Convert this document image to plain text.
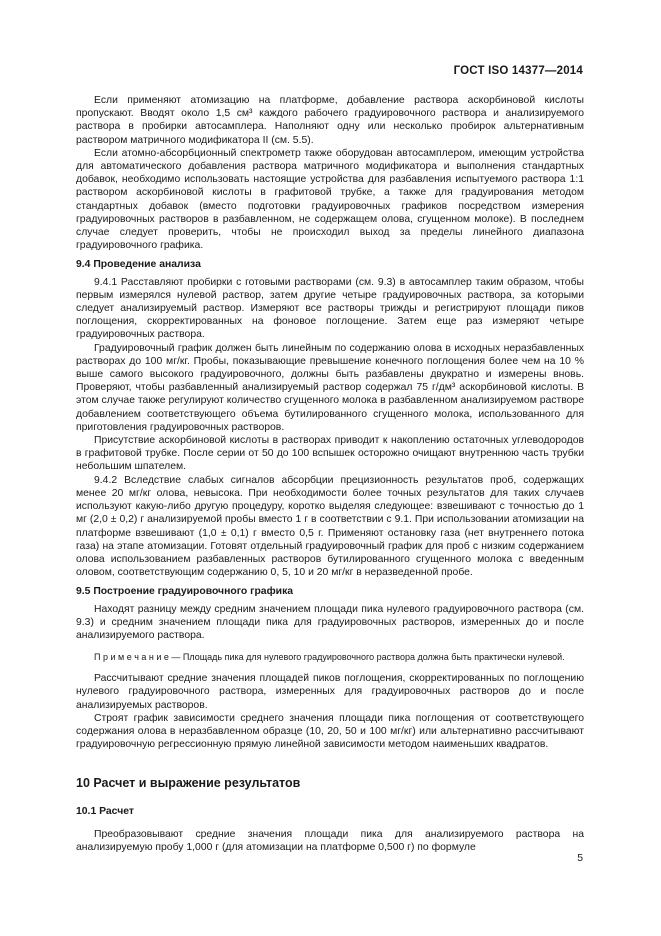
ГОСТ ISO 14377—2014

Если применяют атомизацию на платформе, добавление раствора аскорбиновой кислоты пропускают. Вводят около 1,5 см³ каждого рабочего градуировочного раствора и анализируемого раствора в пробирки автосамплера. Наполняют одну или несколько пробирок альтернативным раствором матричного модификатора II (см. 5.5).

Если атомно-абсорбционный спектрометр также оборудован автосамплером, имеющим устройства для автоматического добавления раствора матричного модификатора и выполнения стандартных добавок, необходимо использовать настоящие устройства для разбавления испытуемого раствора 1:1 раствором аскорбиновой кислоты в графитовой трубке, а также для градуирования методом стандартных добавок (вместо подготовки градуировочных графиков посредством измерения градуировочных растворов в разбавленном, не содержащем олова, сгущенном молоке). В последнем случае следует проверить, чтобы не происходил выход за пределы линейного диапазона градуировочного графика.

9.4 Проведение анализа

9.4.1 Расставляют пробирки с готовыми растворами (см. 9.3) в автосамплер таким образом, чтобы первым измерялся нулевой раствор, затем другие четыре градуировочных раствора, за которыми следует анализируемый раствор. Измеряют все растворы трижды и регистрируют площади пиков поглощения, скорректированных на фоновое поглощение. Затем еще раз измеряют четыре градуировочных раствора.

Градуировочный график должен быть линейным по содержанию олова в исходных неразбавленных растворах до 100 мг/кг. Пробы, показывающие превышение конечного поглощения более чем на 10 % выше самого высокого градуировочного, должны быть разбавлены двукратно и измерены вновь. Проверяют, чтобы разбавленный анализируемый раствор содержал 75 г/дм³ аскорбиновой кислоты. В этом случае также регулируют количество сгущенного молока в разбавленном анализируемом растворе добавлением соответствующего объема бутилированного сгущенного молока, использованного для приготовления градуировочных растворов.

Присутствие аскорбиновой кислоты в растворах приводит к накоплению остаточных углеводородов в графитовой трубке. После серии от 50 до 100 вспышек осторожно очищают внутреннюю часть трубки небольшим шпателем.

9.4.2 Вследствие слабых сигналов абсорбции прецизионность результатов проб, содержащих менее 20 мг/кг олова, невысока. При необходимости более точных результатов для таких случаев используют какую-либо другую процедуру, коротко выделяя следующее: взвешивают с точностью до 1 мг (2,0 ± 0,2) г анализируемой пробы вместо 1 г в соответствии с 9.1. При использовании атомизации на платформе взвешивают (1,0 ± 0,1) г вместо 0,5 г. Применяют остановку газа (нет внутреннего потока газа) на этапе атомизации. Готовят отдельный градуировочный график для проб с низким содержанием олова использованием разбавленных растворов бутилированного сгущенного молока с введенным оловом, соответствующим содержанию 0, 5, 10 и 20 мг/кг в неразведенной пробе.

9.5 Построение градуировочного графика

Находят разницу между средним значением площади пика нулевого градуировочного раствора (см. 9.3) и средним значением площади пика для градуировочных растворов, измеренных до и после анализируемого раствора.

П р и м е ч а н и е — Площадь пика для нулевого градуировочного раствора должна быть практически нулевой.

Рассчитывают средние значения площадей пиков поглощения, скорректированных по поглощению нулевого градуировочного раствора, измеренных для градуировочных растворов до и после анализируемых растворов.

Строят график зависимости среднего значения площади пика поглощения от соответствующего содержания олова в неразбавленном образце (10, 20, 50 и 100 мг/кг) или альтернативно рассчитывают градуировочную регрессионную прямую линейной зависимости методом наименьших квадратов.

10 Расчет и выражение результатов
10.1 Расчет

Преобразовывают средние значения площади пика для анализируемого раствора на анализируемую пробу 1,000 г (для атомизации на платформе 0,500 г) по формуле

5
